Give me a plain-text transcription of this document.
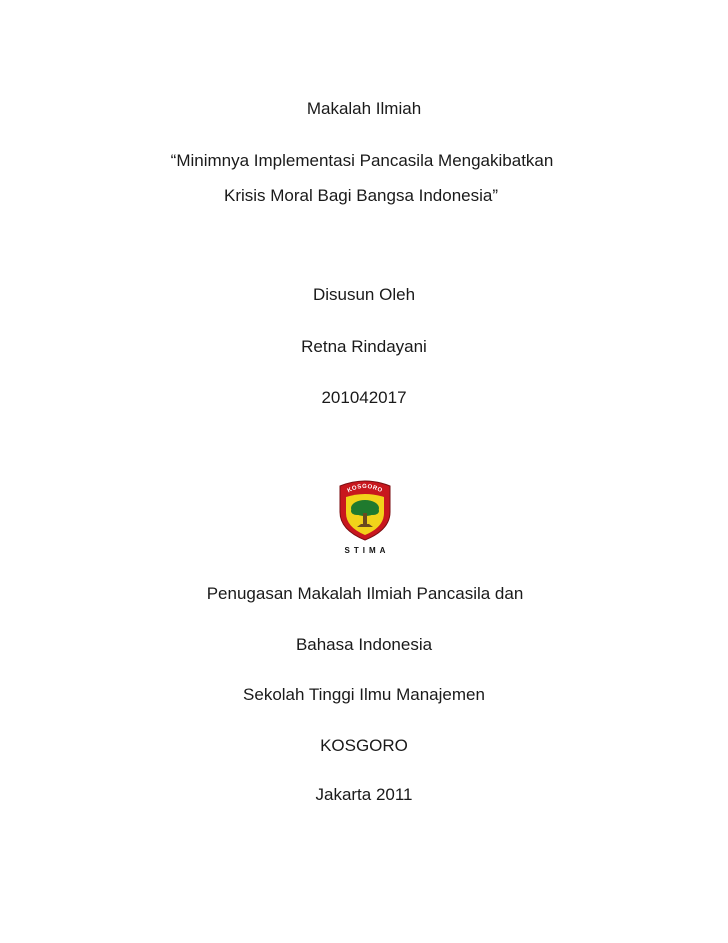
Makalah Ilmiah
“Minimnya Implementasi Pancasila Mengakibatkan
Krisis Moral Bagi Bangsa Indonesia”
Disusun Oleh
Retna Rindayani
201042017
KOSGORO
STIMA
Penugasan Makalah Ilmiah Pancasila dan
Bahasa Indonesia
Sekolah Tinggi Ilmu Manajemen
KOSGORO
Jakarta 2011
